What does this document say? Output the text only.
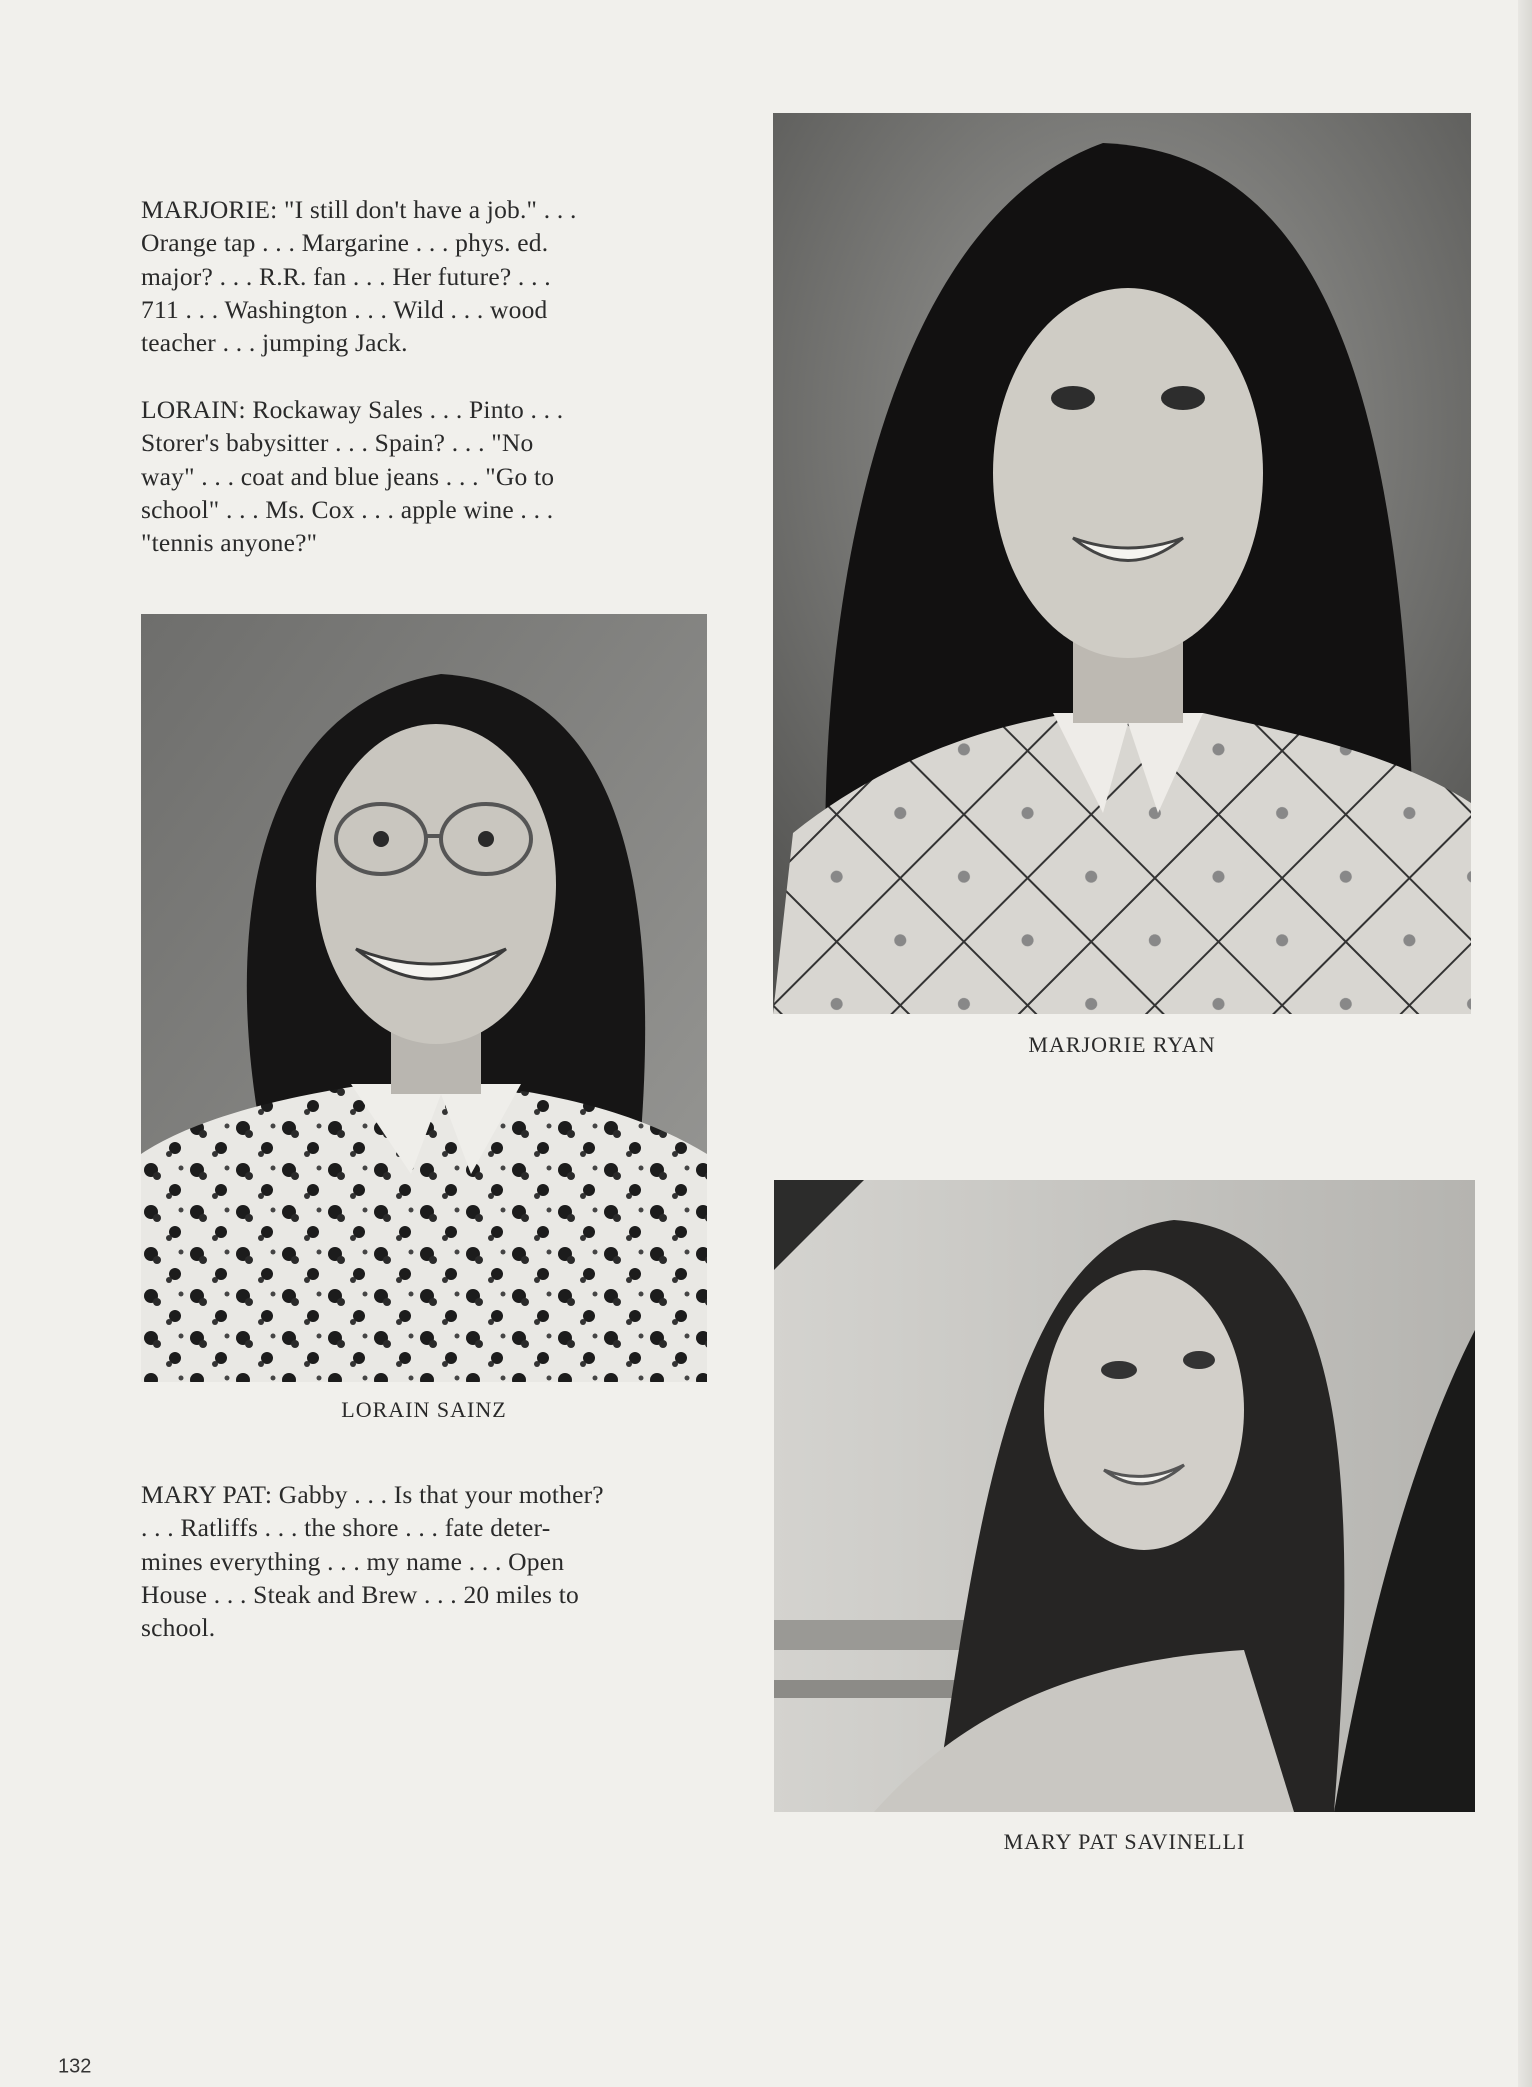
MARJORIE: "I still don't have a job." . . .
Orange tap . . . Margarine . . . phys. ed.
major? . . . R.R. fan . . . Her future? . . .
711 . . . Washington . . . Wild . . . wood
teacher . . . jumping Jack.

LORAIN: Rockaway Sales . . . Pinto . . .
Storer's babysitter . . . Spain? . . . "No
way" . . . coat and blue jeans . . . "Go to
school" . . . Ms. Cox . . . apple wine . . .
"tennis anyone?"

LORAIN SAINZ
MARJORIE RYAN

MARY PAT: Gabby . . . Is that your mother?
. . . Ratliffs . . . the shore . . . fate deter-
mines everything . . . my name . . . Open
House . . . Steak and Brew . . . 20 miles to
school.

MARY PAT SAVINELLI
132
